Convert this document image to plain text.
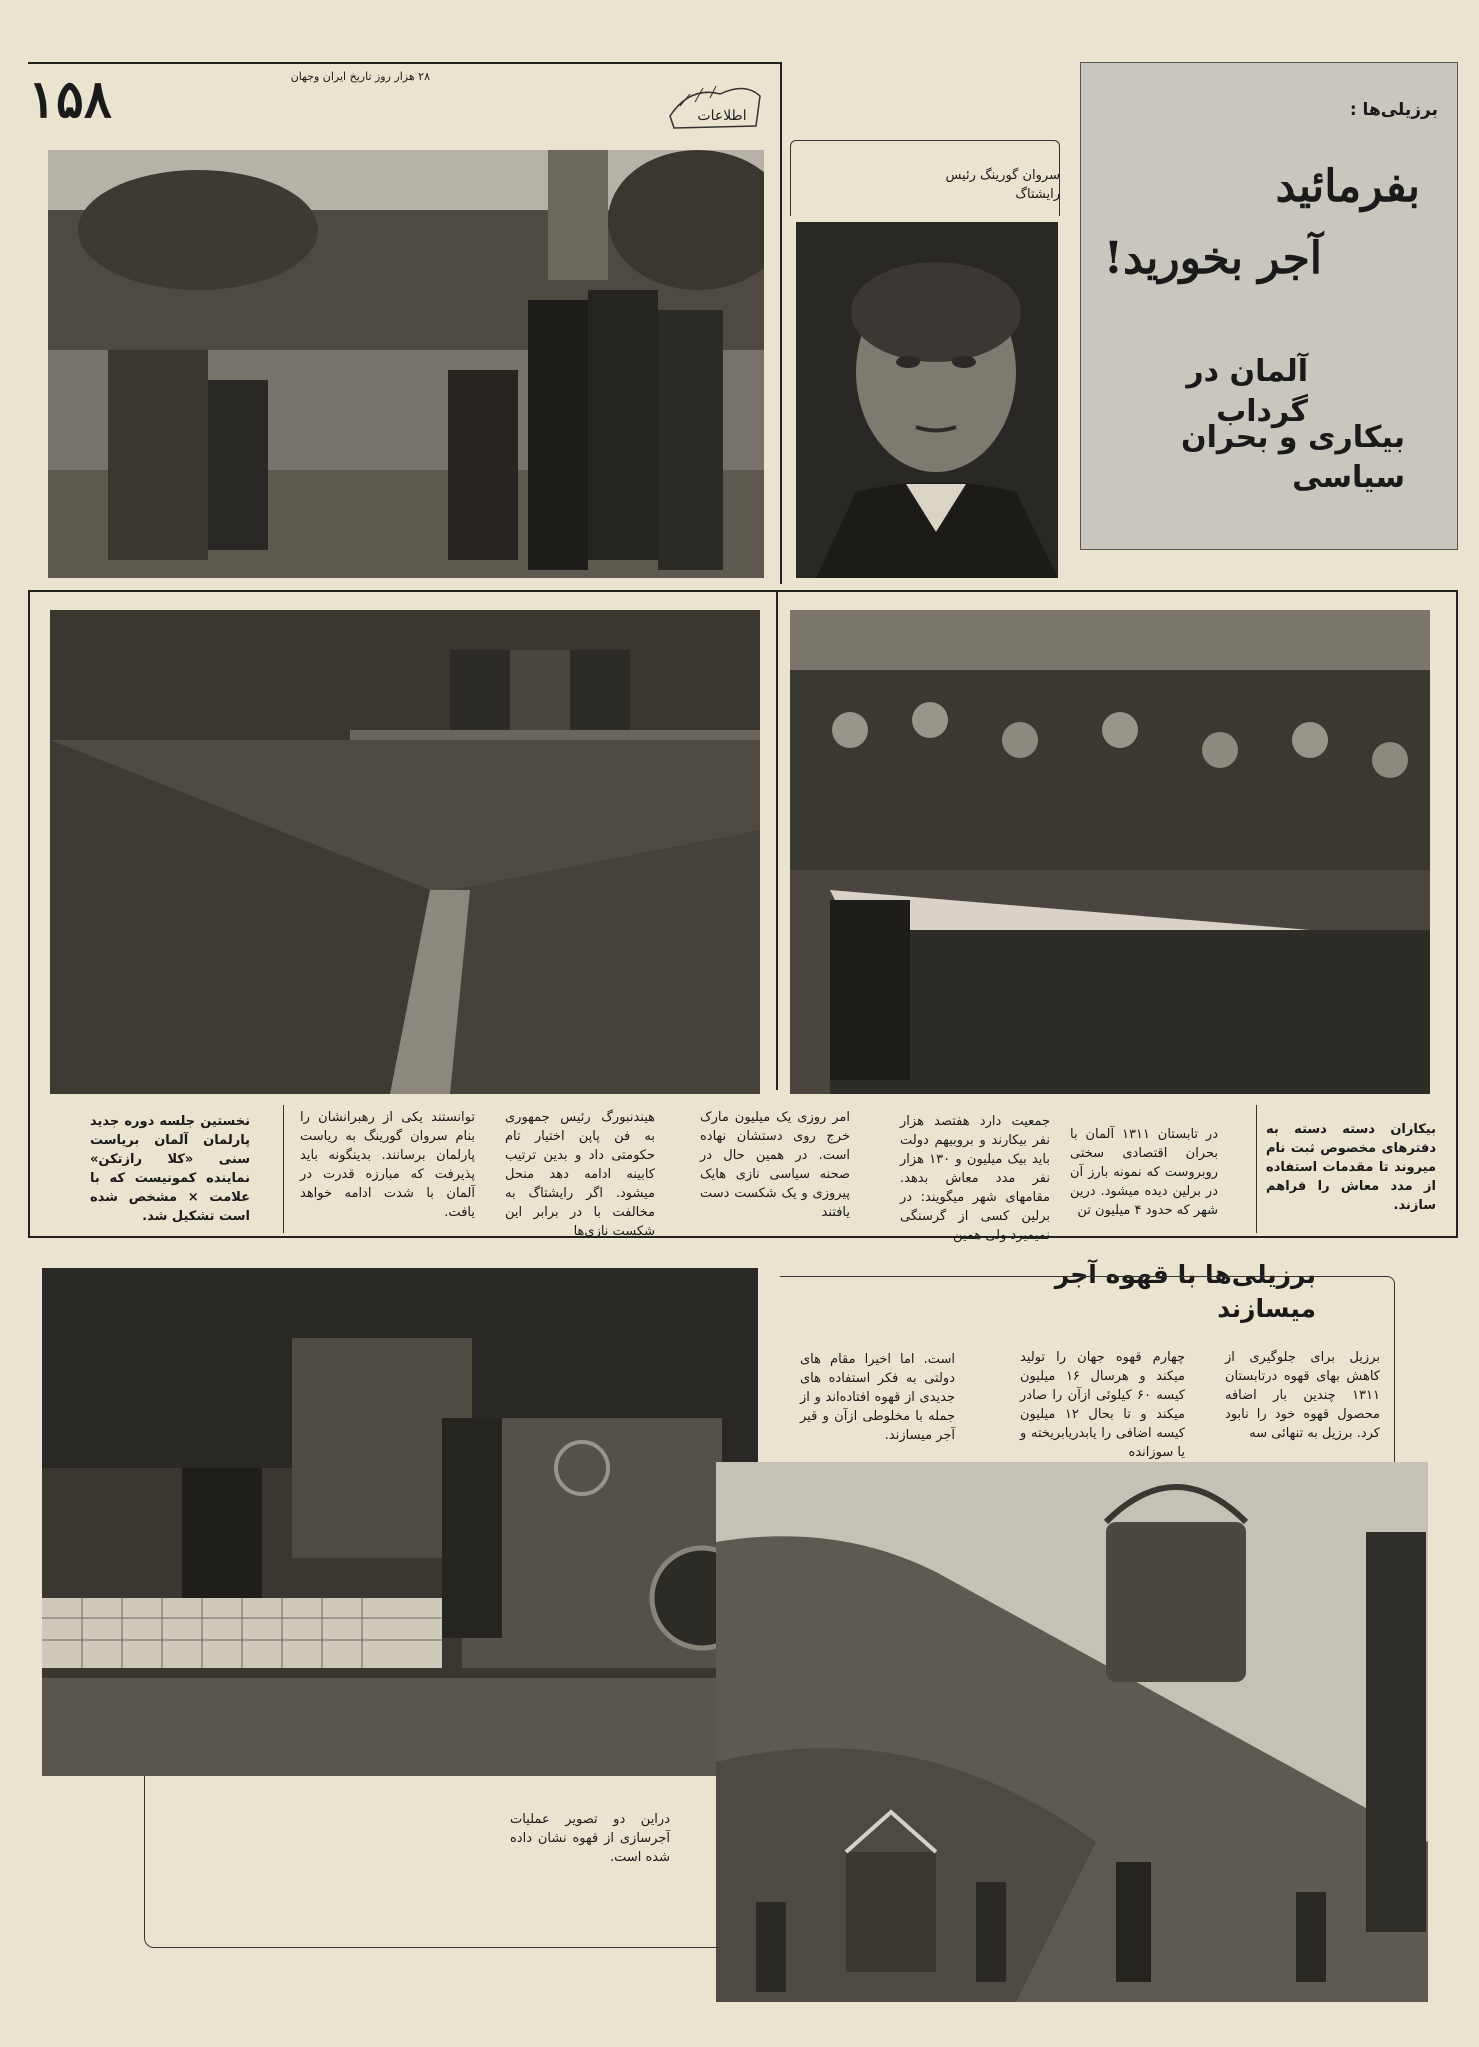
۱۵۸	۲۸ هزار روز تاریخ ایران وجهان
اطلاعات
سروان گورینگ رئیس
رایشتاگ
برزیلی‌ها :
بفرمائید
آجر بخورید!
آلمان در گرداب
بیکاری و بحران سیاسی
بیکاران دسته دسته به دفترهای مخصوص ثبت نام میروند تا مقدمات استفاده از مدد معاش را فراهم سازند.
در تابستان ۱۳۱۱ آلمان با بحران اقتصادی سختی روبروست که نمونه بارز آن در برلین دیده میشود. درین شهر که حدود ۴ میلیون تن
جمعیت دارد هفتصد هزار نفر بیکارند و بروبیهم دولت باید بیک میلیون و ۱۳۰ هزار نفر مدد معاش بدهد. مقامهای شهر میگویند: در برلین کسی از گرسنگی نمیمیرد ولی همین
امر روزی یک میلیون مارک خرج روی دستشان نهاده است. در همین حال در صحنه سیاسی نازی هایک پیروزی و یک شکست دست یافتند
هیندنبورگ رئیس جمهوری به فن پاپن اختیار تام حکومتی داد و بدین ترتیب کابینه ادامه دهد منحل میشود. اگر رایشتاگ به مخالفت با در برابر این شکست نازی‌ها
توانستند یکی از رهبرانشان را بنام سروان گورینگ به ریاست پارلمان برسانند. بدینگونه باید پذیرفت که مبارزه قدرت در آلمان با شدت ادامه خواهد یافت.
نخستین جلسه دوره جدید پارلمان آلمان بریاست سنی «کلا رازتکن» نماینده کمونیست که با علامت × مشخص شده است تشکیل شد.
برزیلی‌ها با قهوه آجر میسازند
برزیل برای جلوگیری از کاهش بهای قهوه درتابستان ۱۳۱۱ چندین بار اضافه محصول قهوه خود را نابود کرد. برزیل به تنهائی سه
چهارم قهوه جهان را تولید میکند و هرسال ۱۶ میلیون کیسه ۶۰ کیلوئی ازآن را صادر میکند و تا بحال ۱۲ میلیون کیسه اضافی را یابدریابریخته و یا سوزانده
است. اما اخیرا مقام های دولتی به فکر استفاده های جدیدی از قهوه افتاده‌اند و از جمله با مخلوطی ازآن و قیر آجر میسازند.
دراین دو تصویر عملیات آجرسازی از قهوه نشان داده شده است.
